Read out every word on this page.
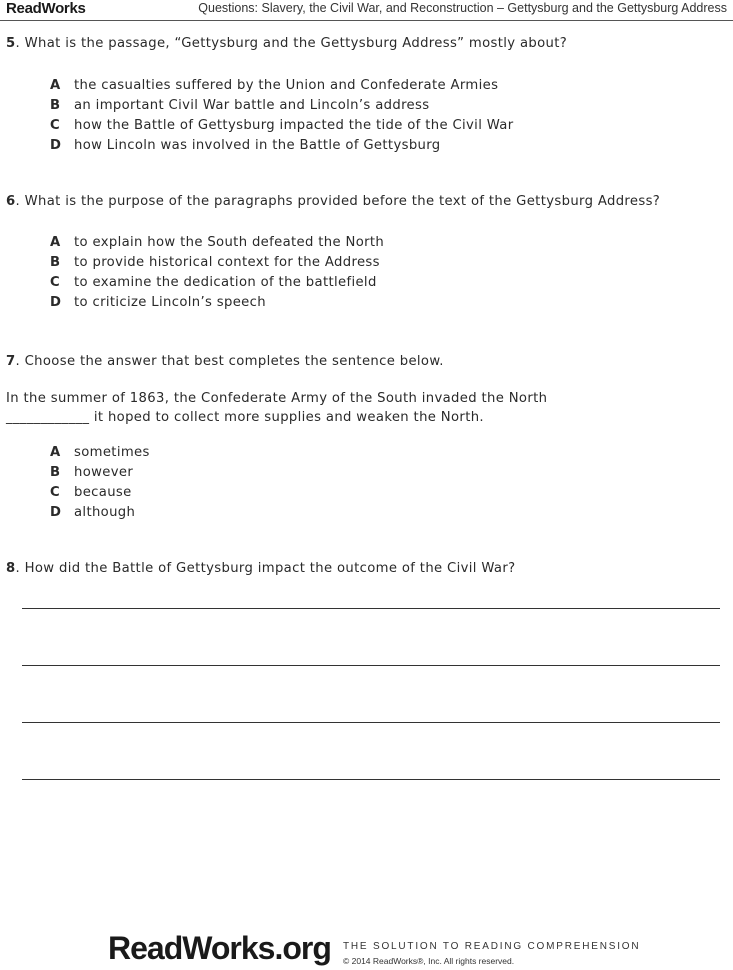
ReadWorks	Questions: Slavery, the Civil War, and Reconstruction – Gettysburg and the Gettysburg Address

5. What is the passage, “Gettysburg and the Gettysburg Address” mostly about?

A the casualties suffered by the Union and Confederate Armies
B an important Civil War battle and Lincoln’s address
C how the Battle of Gettysburg impacted the tide of the Civil War
D how Lincoln was involved in the Battle of Gettysburg

6. What is the purpose of the paragraphs provided before the text of the Gettysburg Address?

A to explain how the South defeated the North
B to provide historical context for the Address
C to examine the dedication of the battlefield
D to criticize Lincoln’s speech

7. Choose the answer that best completes the sentence below.

In the summer of 1863, the Confederate Army of the South invaded the North
____________ it hoped to collect more supplies and weaken the North.
A sometimes
B however
C because
D although

8. How did the Battle of Gettysburg impact the outcome of the Civil War?

ReadWorks.org THE SOLUTION TO READING COMPREHENSION
© 2014 ReadWorks®, Inc. All rights reserved.
